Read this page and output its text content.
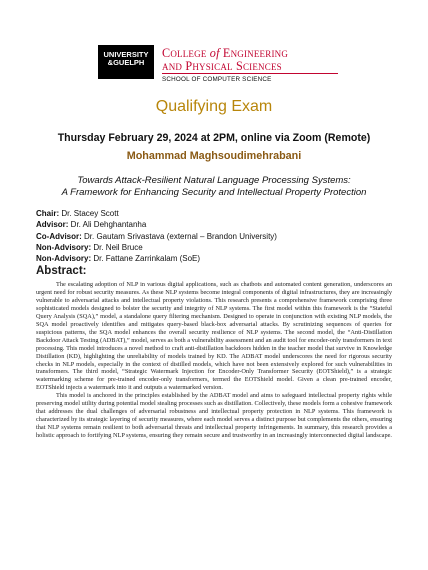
UNIVERSITY
&GUELPH
College of Engineering
and Physical Sciences
SCHOOL OF COMPUTER SCIENCE
Qualifying Exam
Thursday February 29, 2024 at 2PM, online via Zoom (Remote)
Mohammad Maghsoudimehrabani
Towards Attack-Resilient Natural Language Processing Systems:
A Framework for Enhancing Security and Intellectual Property Protection
Chair: Dr. Stacey Scott
Advisor: Dr. Ali Dehghantanha
Co-Advisor: Dr. Gautam Srivastava (external – Brandon University)
Non-Advisory: Dr. Neil Bruce
Non-Advisory: Dr. Fattane Zarrinkalam (SoE)
Abstract:

The escalating adoption of NLP in various digital applications, such as chatbots and automated content generation, underscores an urgent need for robust security measures. As these NLP systems become integral components of digital infrastructures, they are increasingly vulnerable to adversarial attacks and intellectual property violations. This research presents a comprehensive framework comprising three sophisticated models designed to bolster the security and integrity of NLP systems. The first model within this framework is the “Stateful Query Analysis (SQA),” model, a standalone query filtering mechanism. Designed to operate in conjunction with existing NLP models, the SQA model proactively identifies and mitigates query-based black-box adversarial attacks. By scrutinizing sequences of queries for suspicious patterns, the SQA model enhances the overall security resilience of NLP systems. The second model, the “Anti-Distillation Backdoor Attack Testing (ADBAT),” model, serves as both a vulnerability assessment and an audit tool for encoder-only transformers in text processing. This model introduces a novel method to craft anti-distillation backdoors hidden in the teacher model that survive in Knowledge Distillation (KD), highlighting the unreliability of models trained by KD. The ADBAT model underscores the need for rigorous security checks in NLP models, especially in the context of distilled models, which have not been extensively explored for such vulnerabilities in transformers. The third model, “Strategic Watermark Injection for Encoder-Only Transformer Security (EOTShield),” is a strategic watermarking scheme for pre-trained encoder-only transformers, termed the EOTShield model. Given a clean pre-trained encoder, EOTShield injects a watermark into it and outputs a watermarked version.

This model is anchored in the principles established by the ADBAT model and aims to safeguard intellectual property rights while preserving model utility during potential model stealing processes such as distillation. Collectively, these models form a cohesive framework that addresses the dual challenges of adversarial robustness and intellectual property protection in NLP systems. This framework is characterized by its strategic layering of security measures, where each model serves a distinct purpose but complements the others, ensuring that NLP systems remain resilient to both adversarial threats and intellectual property infringements. In summary, this research provides a holistic approach to fortifying NLP systems, ensuring they remain secure and trustworthy in an increasingly interconnected digital landscape.
